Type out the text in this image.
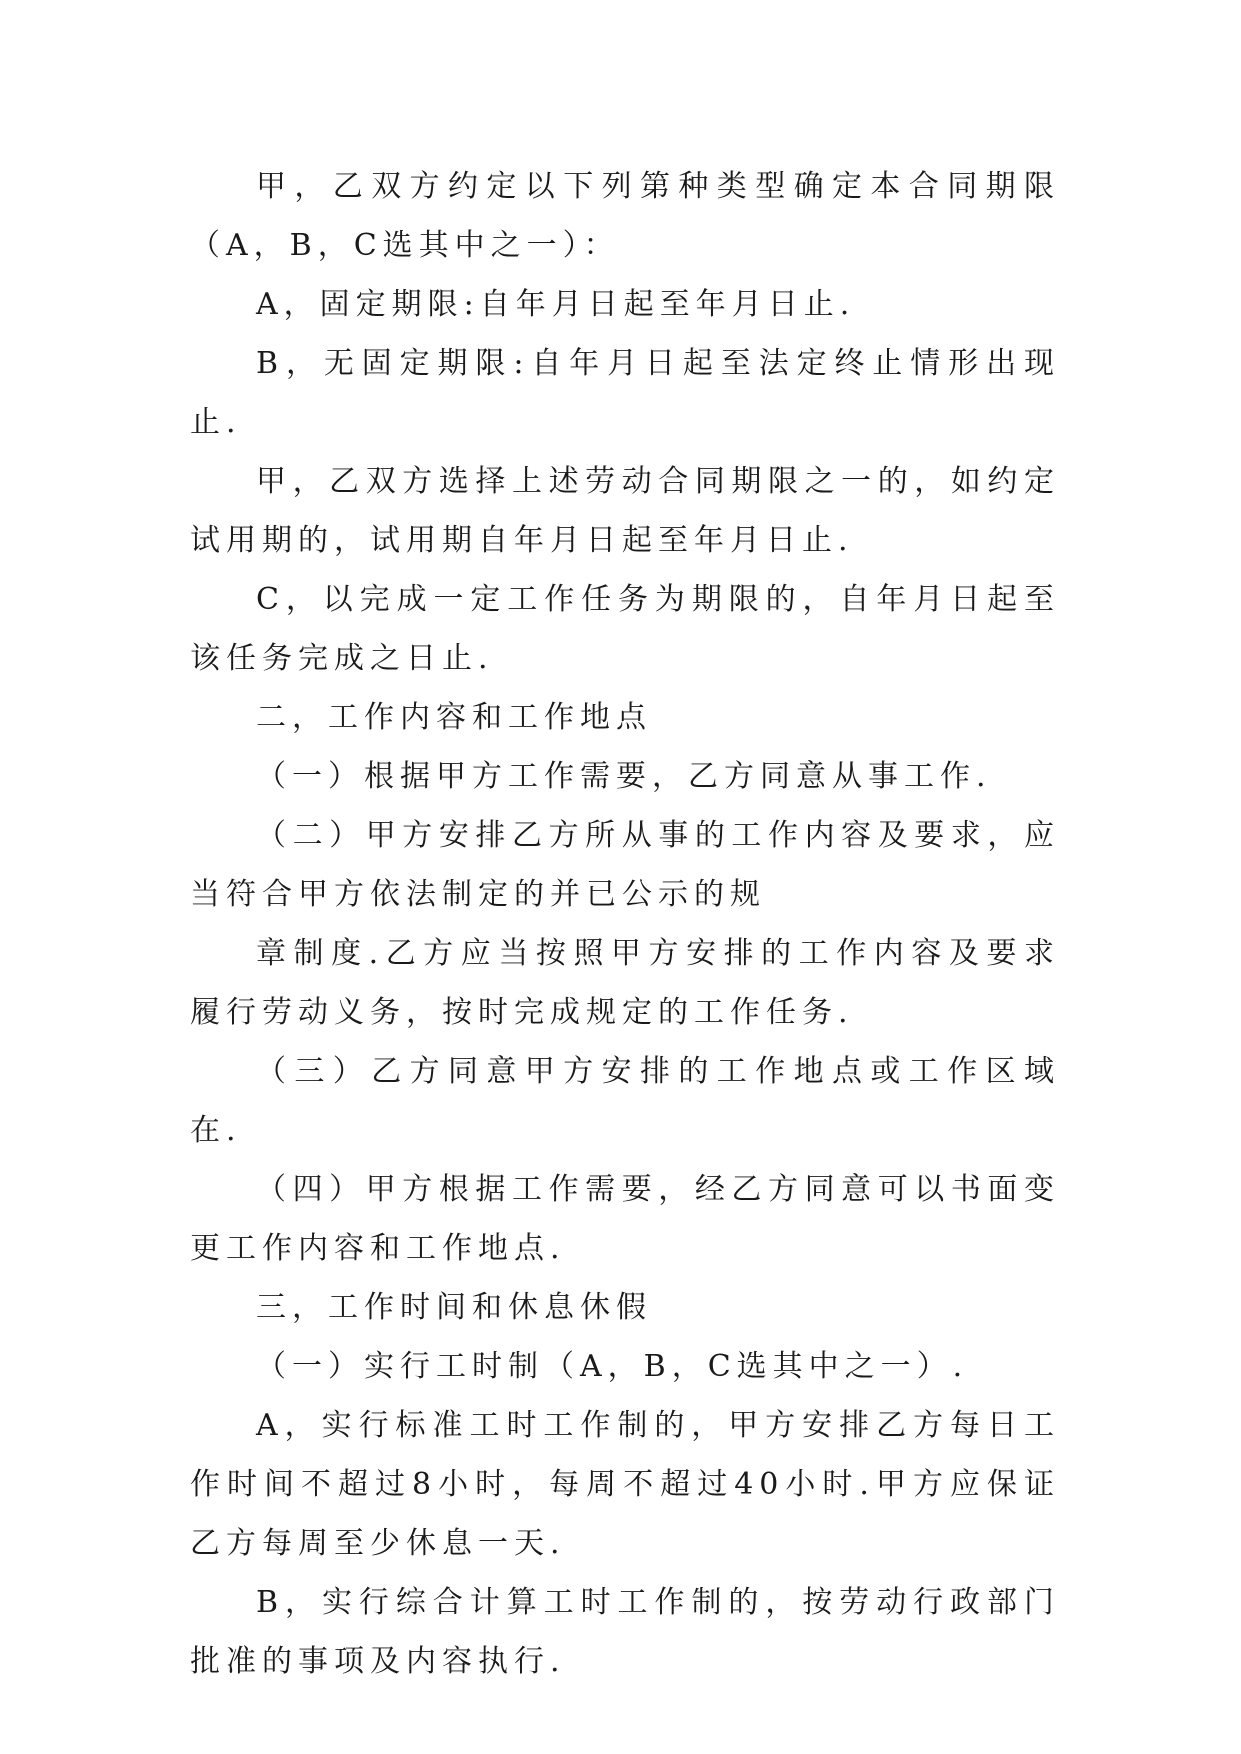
甲，乙双方约定以下列第种类型确定本合同期限（A，B，C选其中之一）：

A，固定期限:自年月日起至年月日止.

B，无固定期限:自年月日起至法定终止情形出现止.

甲，乙双方选择上述劳动合同期限之一的，如约定试用期的，试用期自年月日起至年月日止.

C，以完成一定工作任务为期限的，自年月日起至该任务完成之日止.

二，工作内容和工作地点

（一）根据甲方工作需要，乙方同意从事工作.

（二）甲方安排乙方所从事的工作内容及要求，应当符合甲方依法制定的并已公示的规

章制度.乙方应当按照甲方安排的工作内容及要求履行劳动义务，按时完成规定的工作任务.

（三）乙方同意甲方安排的工作地点或工作区域在.

（四）甲方根据工作需要，经乙方同意可以书面变更工作内容和工作地点.

三，工作时间和休息休假

（一）实行工时制（A，B，C选其中之一）.

A，实行标准工时工作制的，甲方安排乙方每日工作时间不超过8小时，每周不超过40小时.甲方应保证乙方每周至少休息一天.

B，实行综合计算工时工作制的，按劳动行政部门批准的事项及内容执行.
